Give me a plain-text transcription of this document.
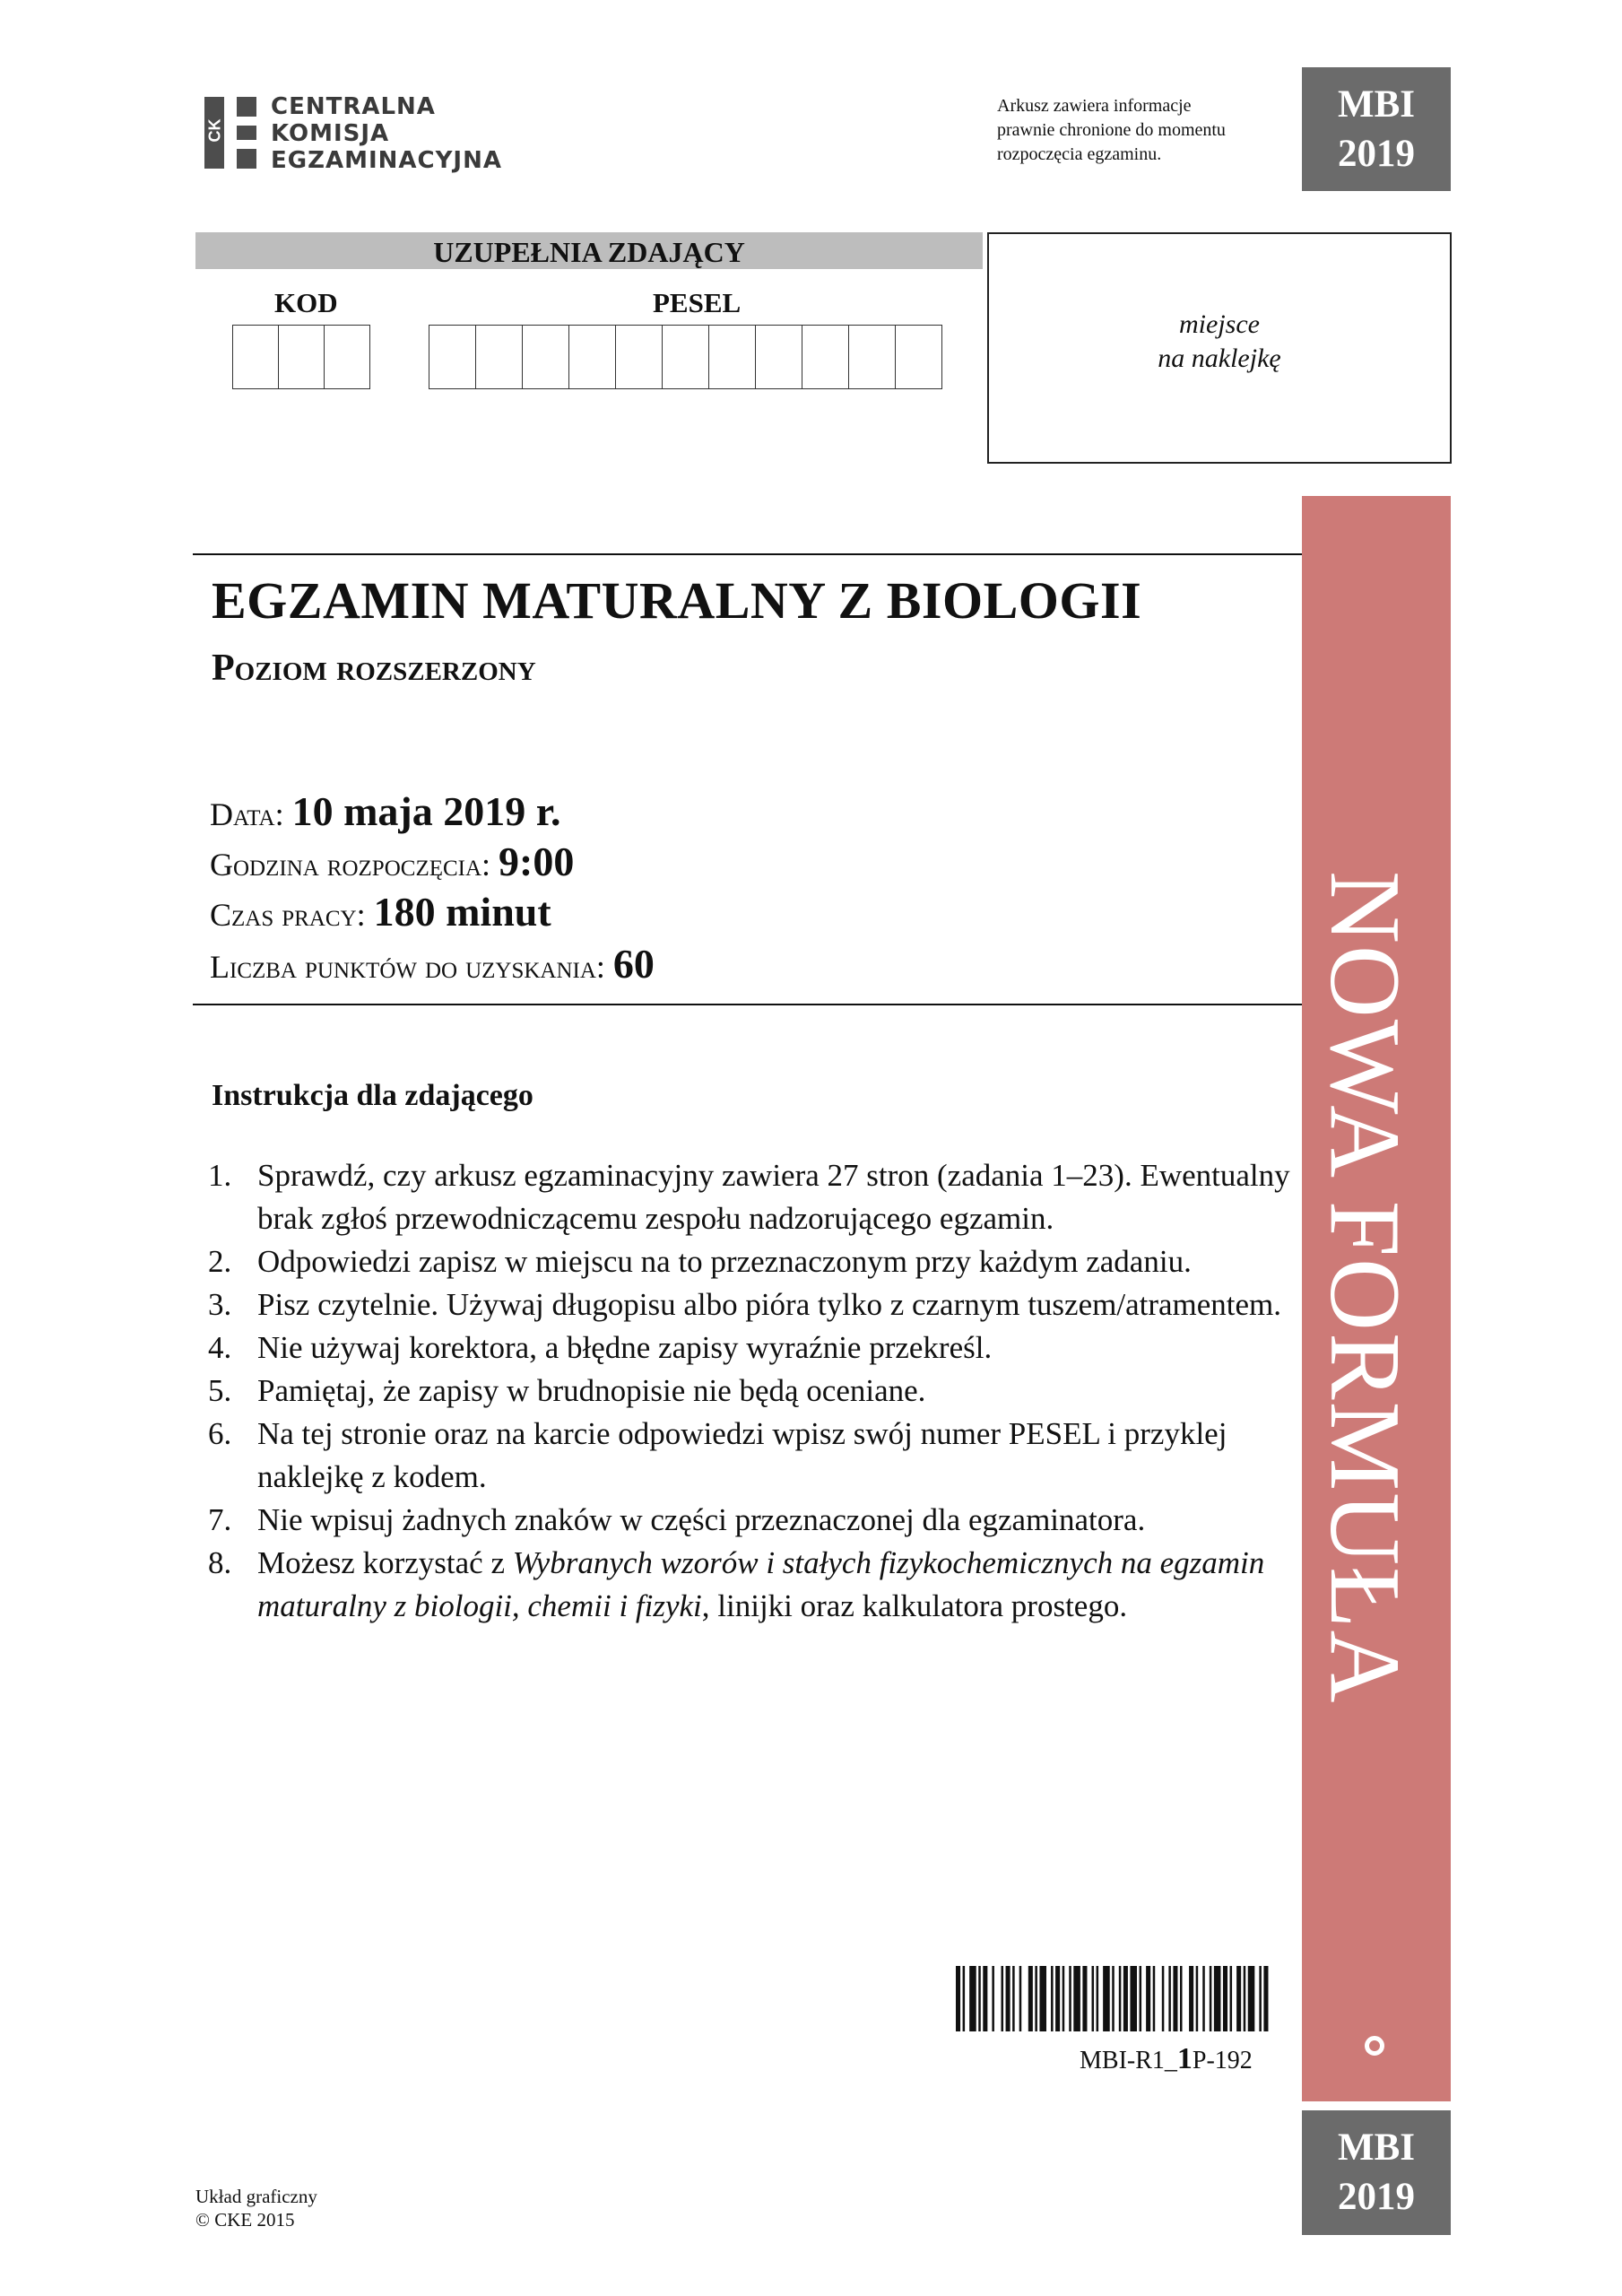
CK
CENTRALNA
KOMISJA
EGZAMINACYJNA
Arkusz zawiera informacje
prawnie chronione do momentu
rozpoczęcia egzaminu.
MBI
2019
UZUPEŁNIA ZDAJĄCY
KOD	PESEL
miejsce
na naklejkę
EGZAMIN MATURALNY Z BIOLOGII
Poziom rozszerzony
Data: 10 maja 2019 r.
Godzina rozpoczęcia: 9:00
Czas pracy: 180 minut
Liczba punktów do uzyskania: 60
Instrukcja dla zdającego
1. Sprawdź, czy arkusz egzaminacyjny zawiera 27 stron (zadania 1–23). Ewentualny brak zgłoś przewodniczącemu zespołu nadzorującego egzamin.
2. Odpowiedzi zapisz w miejscu na to przeznaczonym przy każdym zadaniu.
3. Pisz czytelnie. Używaj długopisu albo pióra tylko z czarnym tuszem/atramentem.
4. Nie używaj korektora, a błędne zapisy wyraźnie przekreśl.
5. Pamiętaj, że zapisy w brudnopisie nie będą oceniane.
6. Na tej stronie oraz na karcie odpowiedzi wpisz swój numer PESEL i przyklej naklejkę z kodem.
7. Nie wpisuj żadnych znaków w części przeznaczonej dla egzaminatora.
8. Możesz korzystać z Wybranych wzorów i stałych fizykochemicznych na egzamin maturalny z biologii, chemii i fizyki, linijki oraz kalkulatora prostego.	NOWA FORMUŁA
MBI-R1_1P-192
MBI
2019
Układ graficzny
© CKE 2015
